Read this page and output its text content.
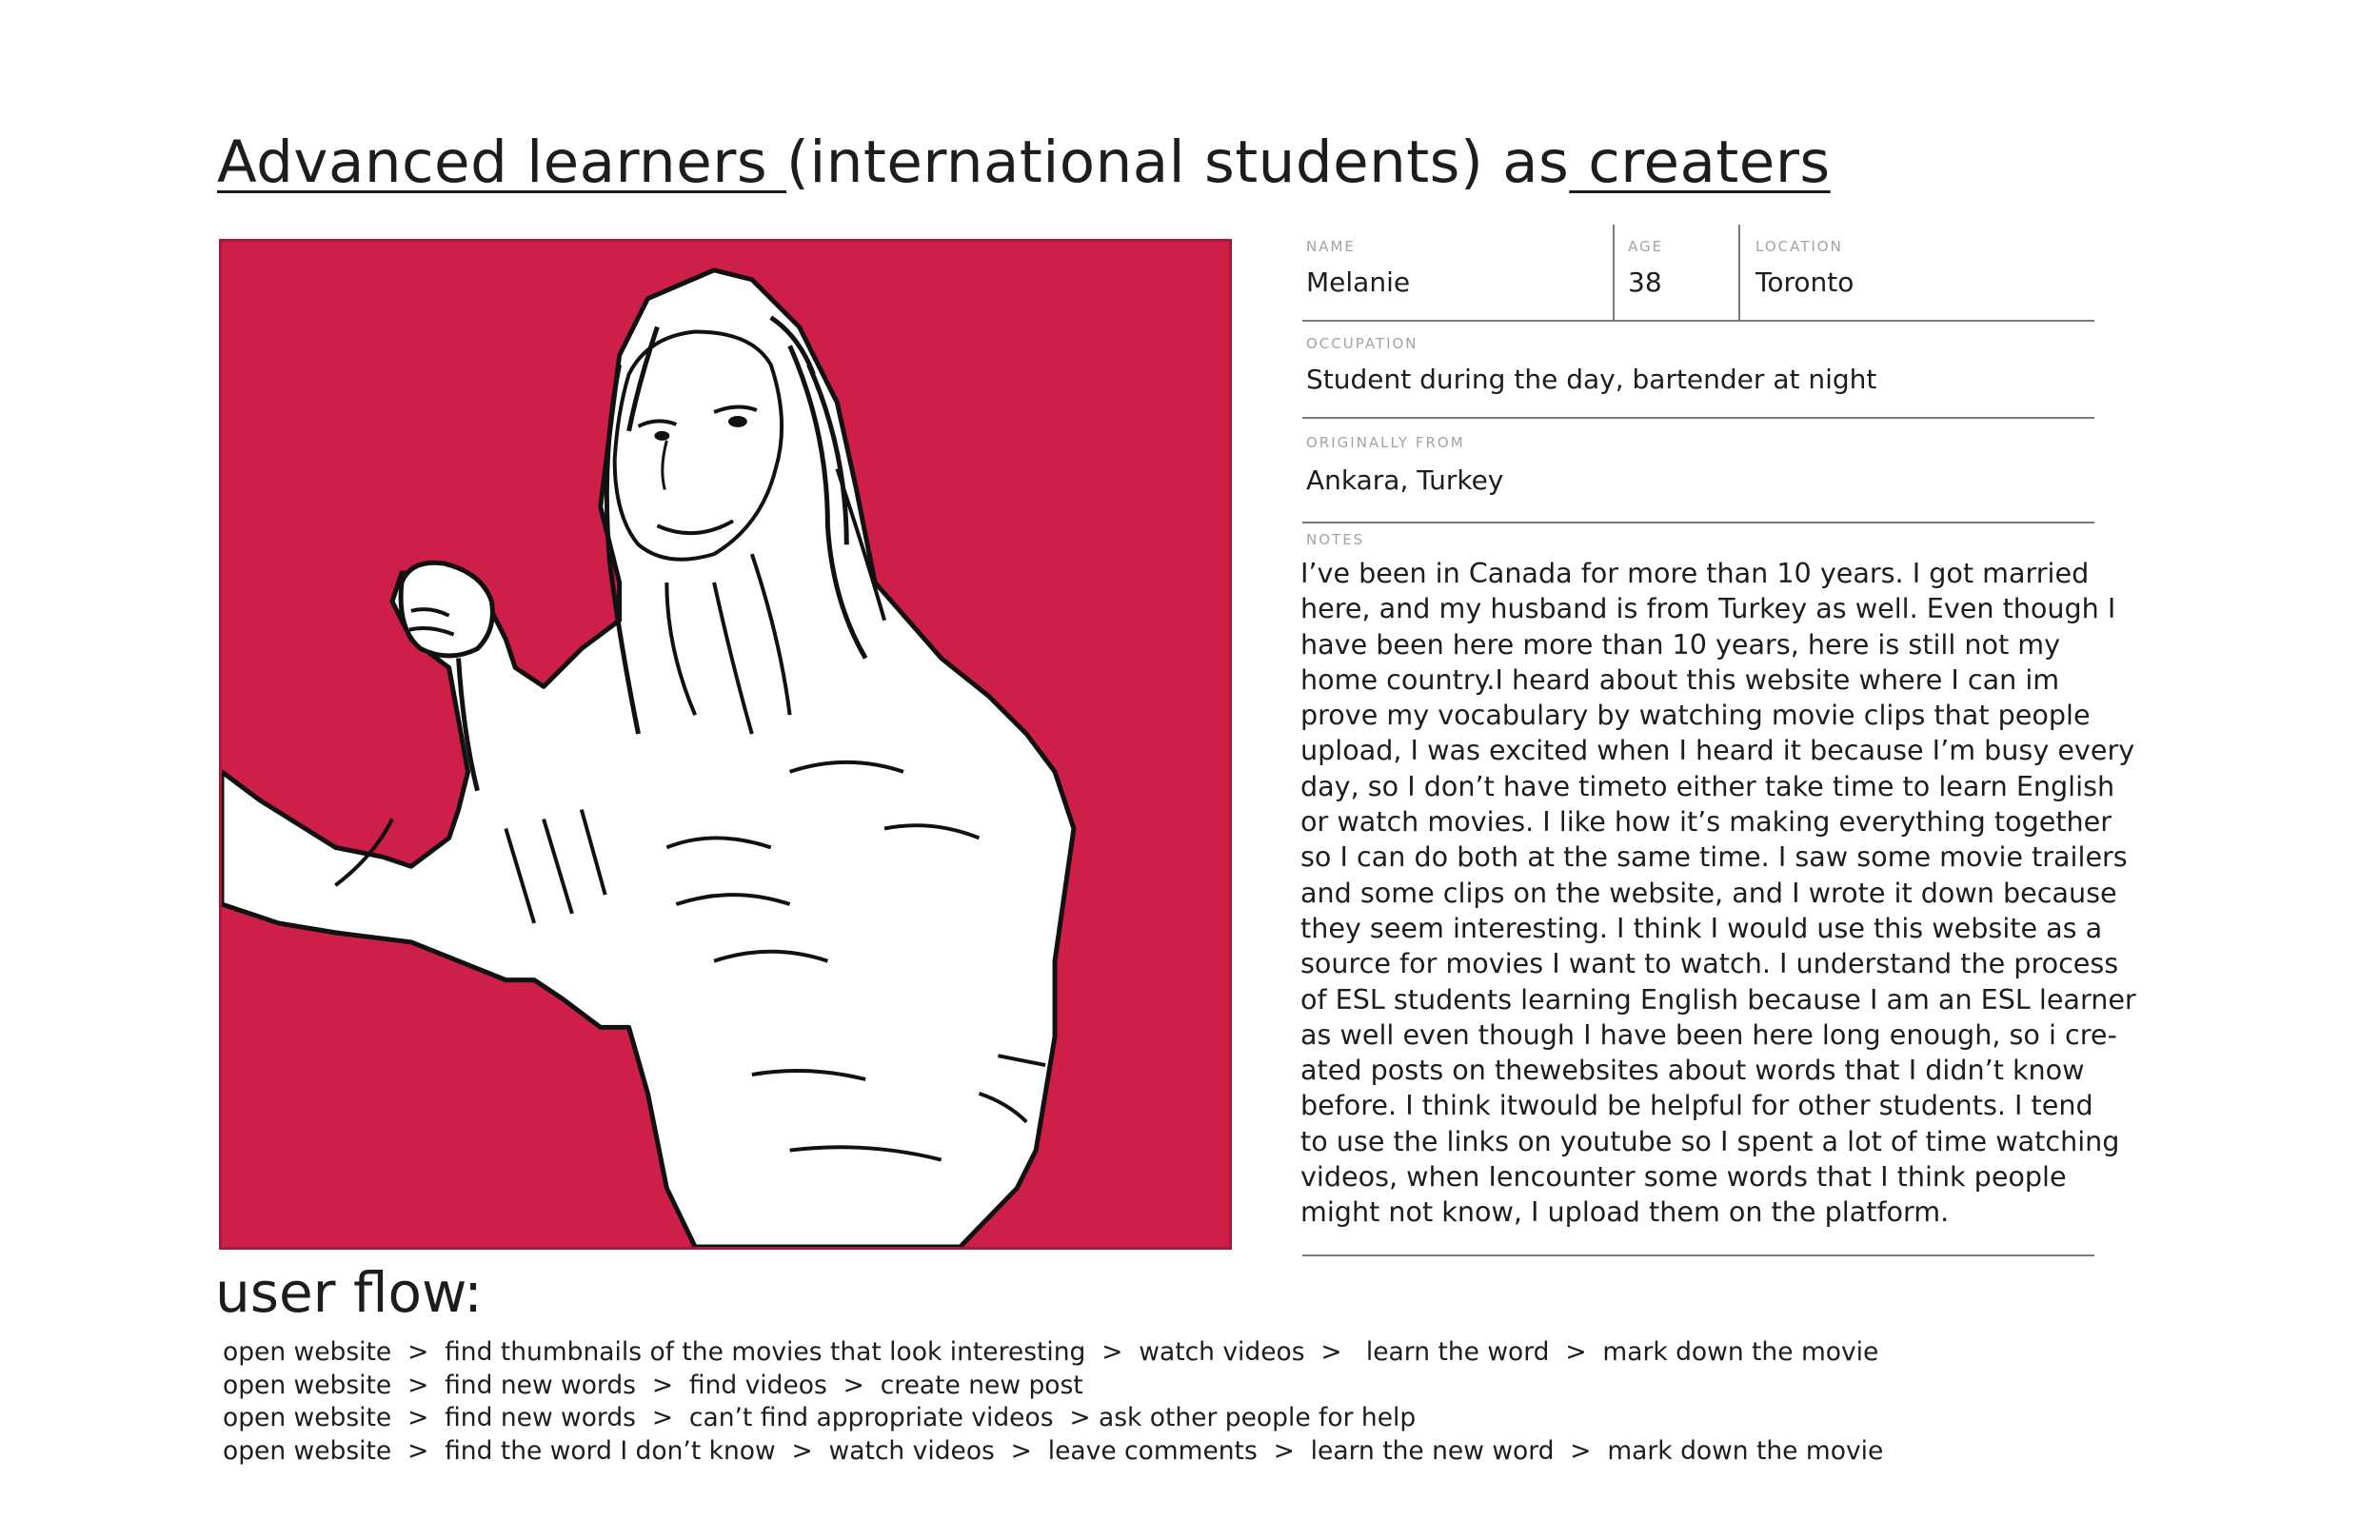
Advanced learners (international students) as creaters
NAME
Melanie
AGE
38
LOCATION
Toronto
OCCUPATION
Student during the day, bartender at night
ORIGINALLY FROM
Ankara, Turkey
NOTES

I’ve been in Canada for more than 10 years. I got married
here, and my husband is from Turkey as well. Even though I
have been here more than 10 years, here is still not my
home country.I heard about this website where I can im
prove my vocabulary by watching movie clips that people
upload, I was excited when I heard it because I’m busy every
day, so I don’t have timeto either take time to learn English
or watch movies. I like how it’s making everything together
so I can do both at the same time. I saw some movie trailers
and some clips on the website, and I wrote it down because
they seem interesting. I think I would use this website as a
source for movies I want to watch. I understand the process
of ESL students learning English because I am an ESL learner
as well even though I have been here long enough, so i cre-
ated posts on thewebsites about words that I didn’t know
before. I think itwould be helpful for other students. I tend
to use the links on youtube so I spent a lot of time watching
videos, when Iencounter some words that I think people
might not know, I upload them on the platform.

user flow:
open website  >  find thumbnails of the movies that look interesting  >  watch videos  >   learn the word  >  mark down the movie
open website  >  find new words  >  find videos  >  create new post
open website  >  find new words  >  can’t find appropriate videos  > ask other people for help
open website  >  find the word I don’t know  >  watch videos  >  leave comments  >  learn the new word  >  mark down the movie
